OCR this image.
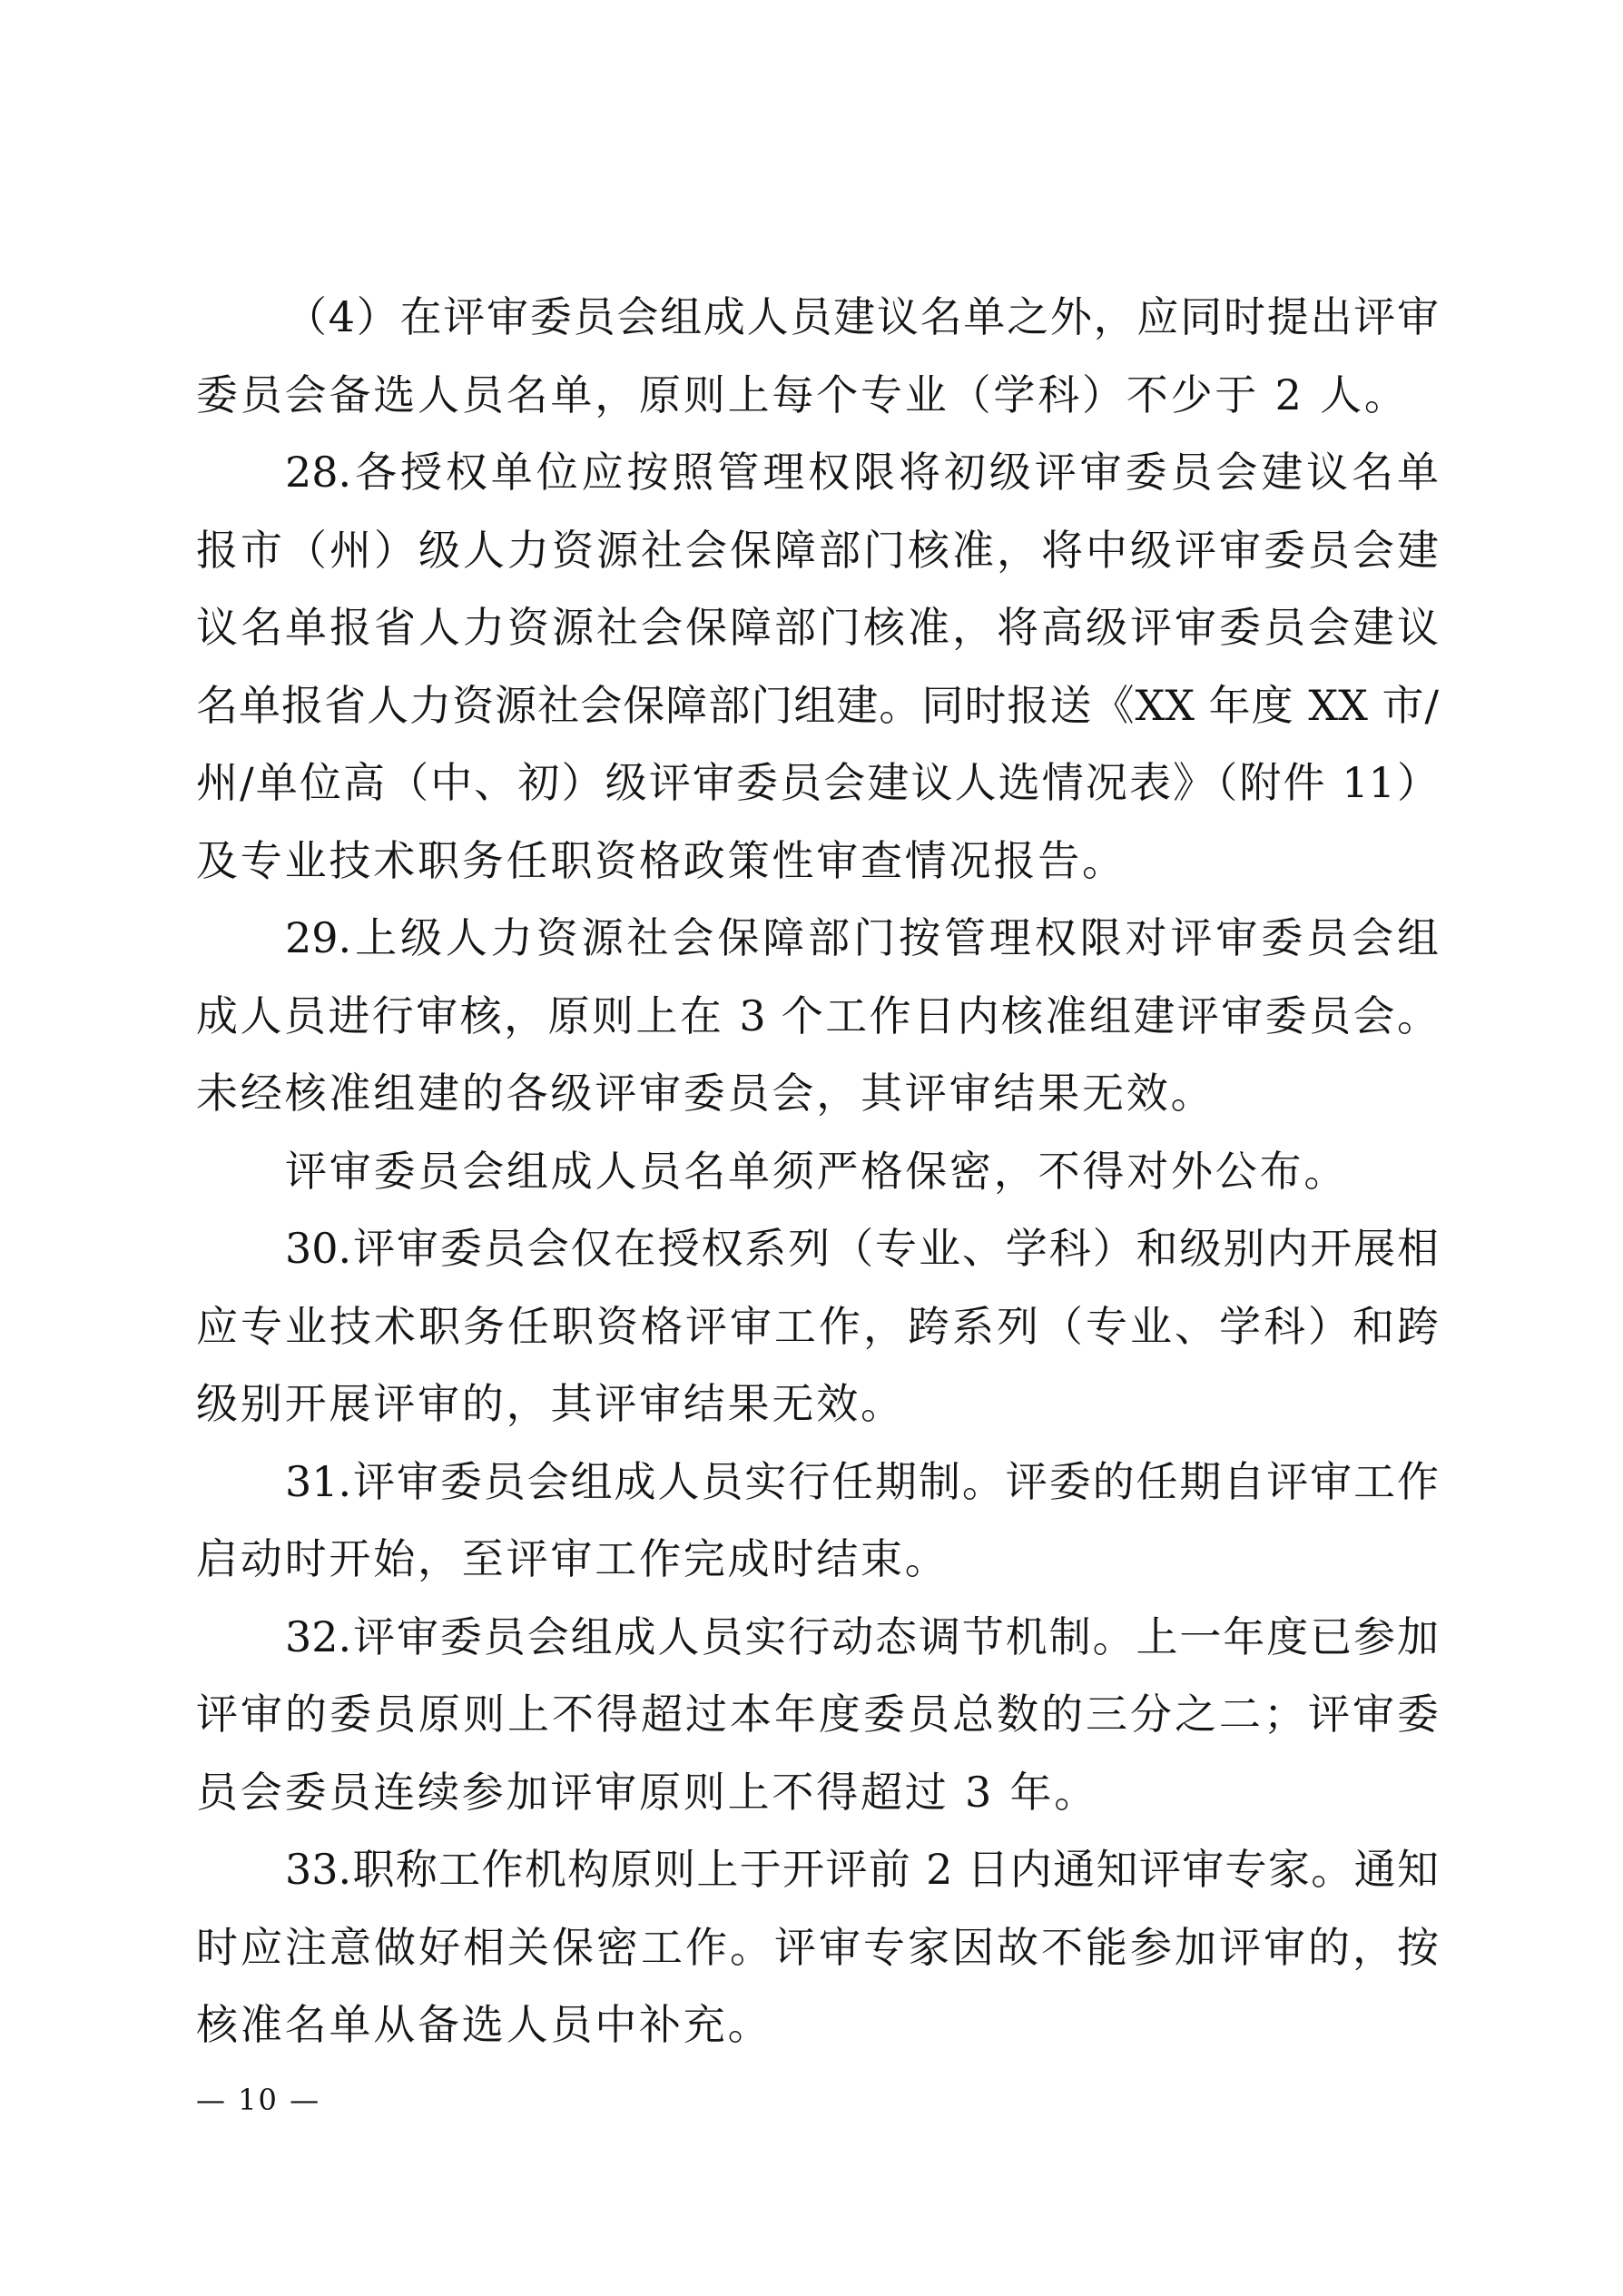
（4）在评审委员会组成人员建议名单之外，应同时提出评审
委员会备选人员名单，原则上每个专业（学科）不少于 2 人。
28.各授权单位应按照管理权限将初级评审委员会建议名单
报市（州）级人力资源社会保障部门核准，将中级评审委员会建
议名单报省人力资源社会保障部门核准，将高级评审委员会建议
名单报省人力资源社会保障部门组建。同时报送《XX 年度 XX 市/
州/单位高（中、初）级评审委员会建议人选情况表》（附件 11）
及专业技术职务任职资格政策性审查情况报告。
29.上级人力资源社会保障部门按管理权限对评审委员会组
成人员进行审核，原则上在 3 个工作日内核准组建评审委员会。
未经核准组建的各级评审委员会，其评审结果无效。
评审委员会组成人员名单须严格保密，不得对外公布。
30.评审委员会仅在授权系列（专业、学科）和级别内开展相
应专业技术职务任职资格评审工作，跨系列（专业、学科）和跨
级别开展评审的，其评审结果无效。
31.评审委员会组成人员实行任期制。评委的任期自评审工作
启动时开始，至评审工作完成时结束。
32.评审委员会组成人员实行动态调节机制。上一年度已参加
评审的委员原则上不得超过本年度委员总数的三分之二；评审委
员会委员连续参加评审原则上不得超过 3 年。
33.职称工作机构原则上于开评前 2 日内通知评审专家。通知
时应注意做好相关保密工作。评审专家因故不能参加评审的，按
核准名单从备选人员中补充。
— 10 —
